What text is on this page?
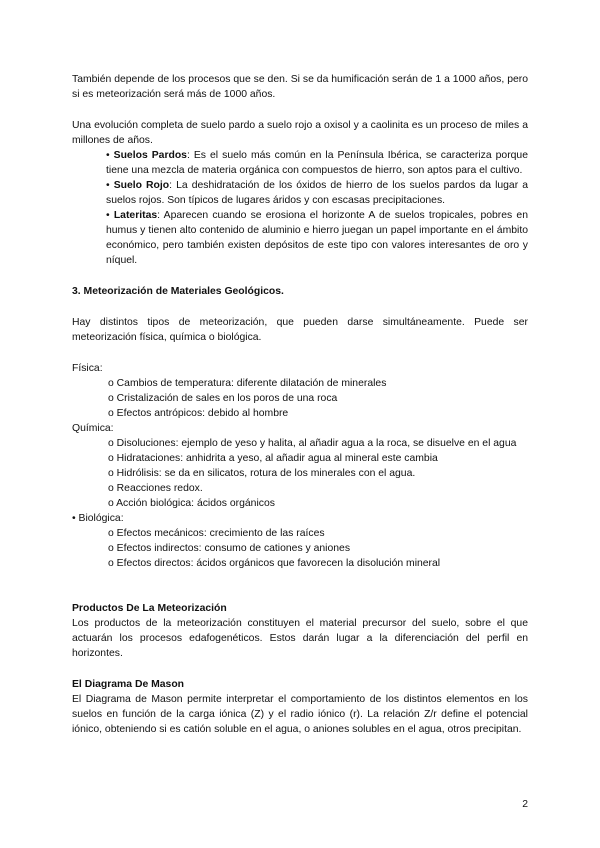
También depende de los procesos que se den. Si se da humificación serán de 1 a 1000 años, pero si es meteorización será más de 1000 años.

Una evolución completa de suelo pardo a suelo rojo a oxisol y a caolinita es un proceso de miles a millones de años.

• Suelos Pardos: Es el suelo más común en la Península Ibérica, se caracteriza porque tiene una mezcla de materia orgánica con compuestos de hierro, son aptos para el cultivo.

• Suelo Rojo: La deshidratación de los óxidos de hierro de los suelos pardos da lugar a suelos rojos. Son típicos de lugares áridos y con escasas precipitaciones.

• Lateritas: Aparecen cuando se erosiona el horizonte A de suelos tropicales, pobres en humus y tienen alto contenido de aluminio e hierro juegan un papel importante en el ámbito económico, pero también existen depósitos de este tipo con valores interesantes de oro y níquel.

3. Meteorización de Materiales Geológicos.

Hay distintos tipos de meteorización, que pueden darse simultáneamente. Puede ser meteorización física, química o biológica.

Física:

o Cambios de temperatura: diferente dilatación de minerales

o Cristalización de sales en los poros de una roca

o Efectos antrópicos: debido al hombre

Química:

o Disoluciones: ejemplo de yeso y halita, al añadir agua a la roca, se disuelve en el agua

o Hidrataciones: anhidrita a yeso, al añadir agua al mineral este cambia

o Hidrólisis: se da en silicatos, rotura de los minerales con el agua.

o Reacciones redox.

o Acción biológica: ácidos orgánicos

• Biológica:

o Efectos mecánicos: crecimiento de las raíces

o Efectos indirectos: consumo de cationes y aniones

o Efectos directos: ácidos orgánicos que favorecen la disolución mineral

Productos De La Meteorización

Los productos de la meteorización constituyen el material precursor del suelo, sobre el que actuarán los procesos edafogenéticos. Estos darán lugar a la diferenciación del perfil en horizontes.

El Diagrama De Mason

El Diagrama de Mason permite interpretar el comportamiento de los distintos elementos en los suelos en función de la carga iónica (Z) y el radio iónico (r). La relación Z/r define el potencial iónico, obteniendo si es catión soluble en el agua, o aniones solubles en el agua, otros precipitan.

2
